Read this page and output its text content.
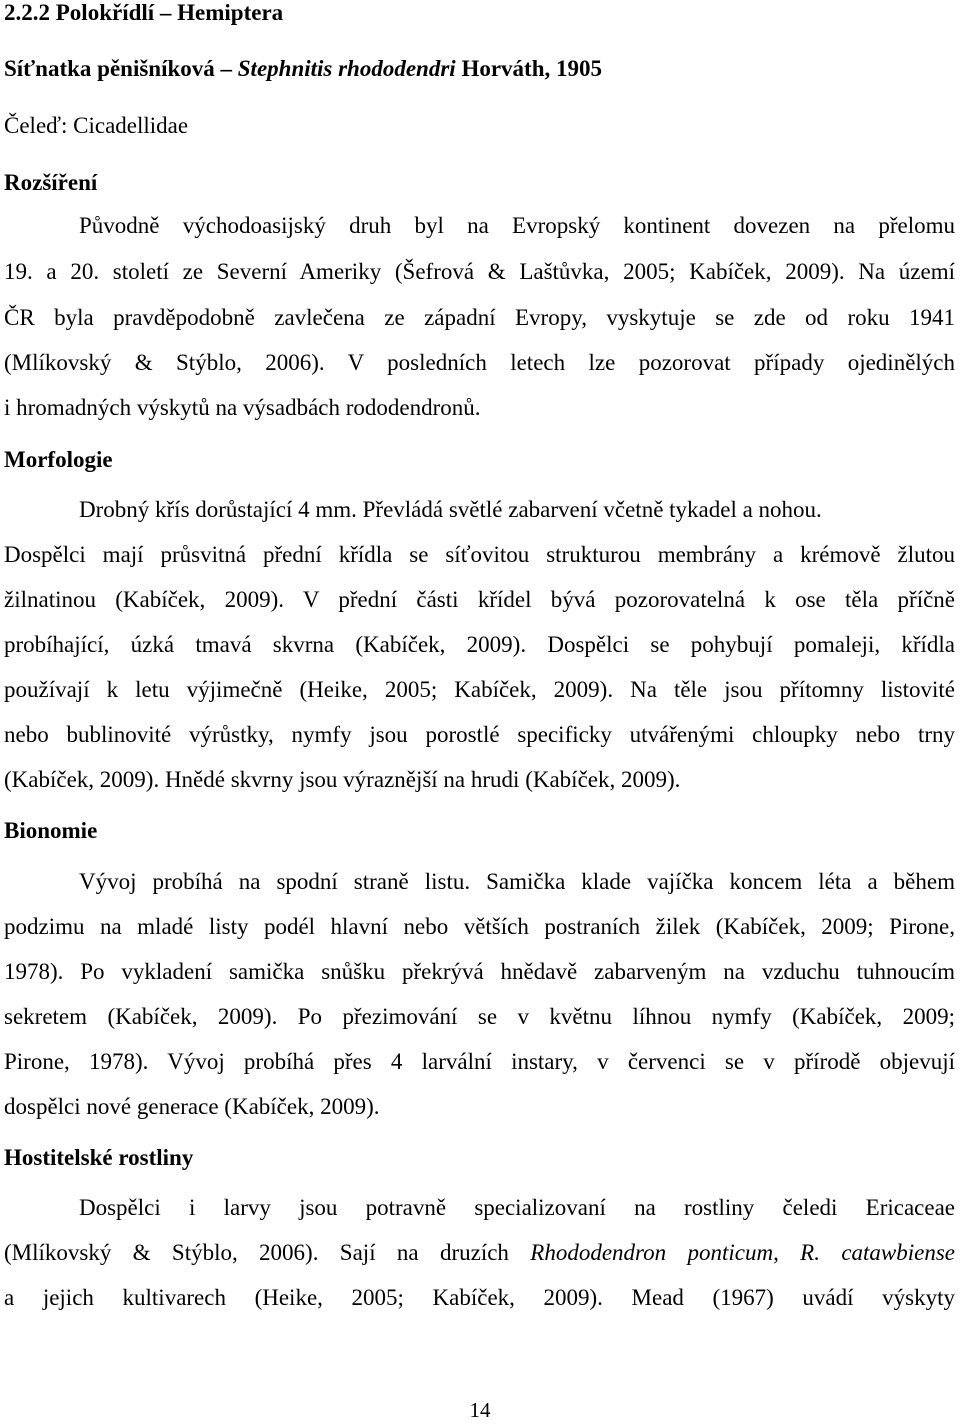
2.2.2 Polokřídlí – Hemiptera
Síťnatka pěnišníková – Stephnitis rhododendri Horváth, 1905
Čeleď: Cicadellidae
Rozšíření
Původně východoasijský druh byl na Evropský kontinent dovezen na přelomu
19. a 20. století ze Severní Ameriky (Šefrová & Laštůvka, 2005; Kabíček, 2009). Na území
ČR byla pravděpodobně zavlečena ze západní Evropy, vyskytuje se zde od roku 1941
(Mlíkovský & Stýblo, 2006). V posledních letech lze pozorovat případy ojedinělých
i hromadných výskytů na výsadbách rododendronů.
Morfologie
Drobný křís dorůstající 4 mm. Převládá světlé zabarvení včetně tykadel a nohou.
Dospělci mají průsvitná přední křídla se síťovitou strukturou membrány a krémově žlutou
žilnatinou (Kabíček, 2009). V přední části křídel bývá pozorovatelná k ose těla příčně
probíhající, úzká tmavá skvrna (Kabíček, 2009). Dospělci se pohybují pomaleji, křídla
používají k letu výjimečně (Heike, 2005; Kabíček, 2009). Na těle jsou přítomny listovité
nebo bublinovité výrůstky, nymfy jsou porostlé specificky utvářenými chloupky nebo trny
(Kabíček, 2009). Hnědé skvrny jsou výraznější na hrudi (Kabíček, 2009).
Bionomie
Vývoj probíhá na spodní straně listu. Samička klade vajíčka koncem léta a během
podzimu na mladé listy podél hlavní nebo větších postraních žilek (Kabíček, 2009; Pirone,
1978). Po vykladení samička snůšku překrývá hnědavě zabarveným na vzduchu tuhnoucím
sekretem (Kabíček, 2009). Po přezimování se v květnu líhnou nymfy (Kabíček, 2009;
Pirone, 1978). Vývoj probíhá přes 4 larvální instary, v červenci se v přírodě objevují
dospělci nové generace (Kabíček, 2009).
Hostitelské rostliny
Dospělci i larvy jsou potravně specializovaní na rostliny čeledi Ericaceae
(Mlíkovský & Stýblo, 2006). Sají na druzích Rhododendron ponticum, R. catawbiense
a jejich kultivarech (Heike, 2005; Kabíček, 2009). Mead (1967) uvádí výskyty
14
